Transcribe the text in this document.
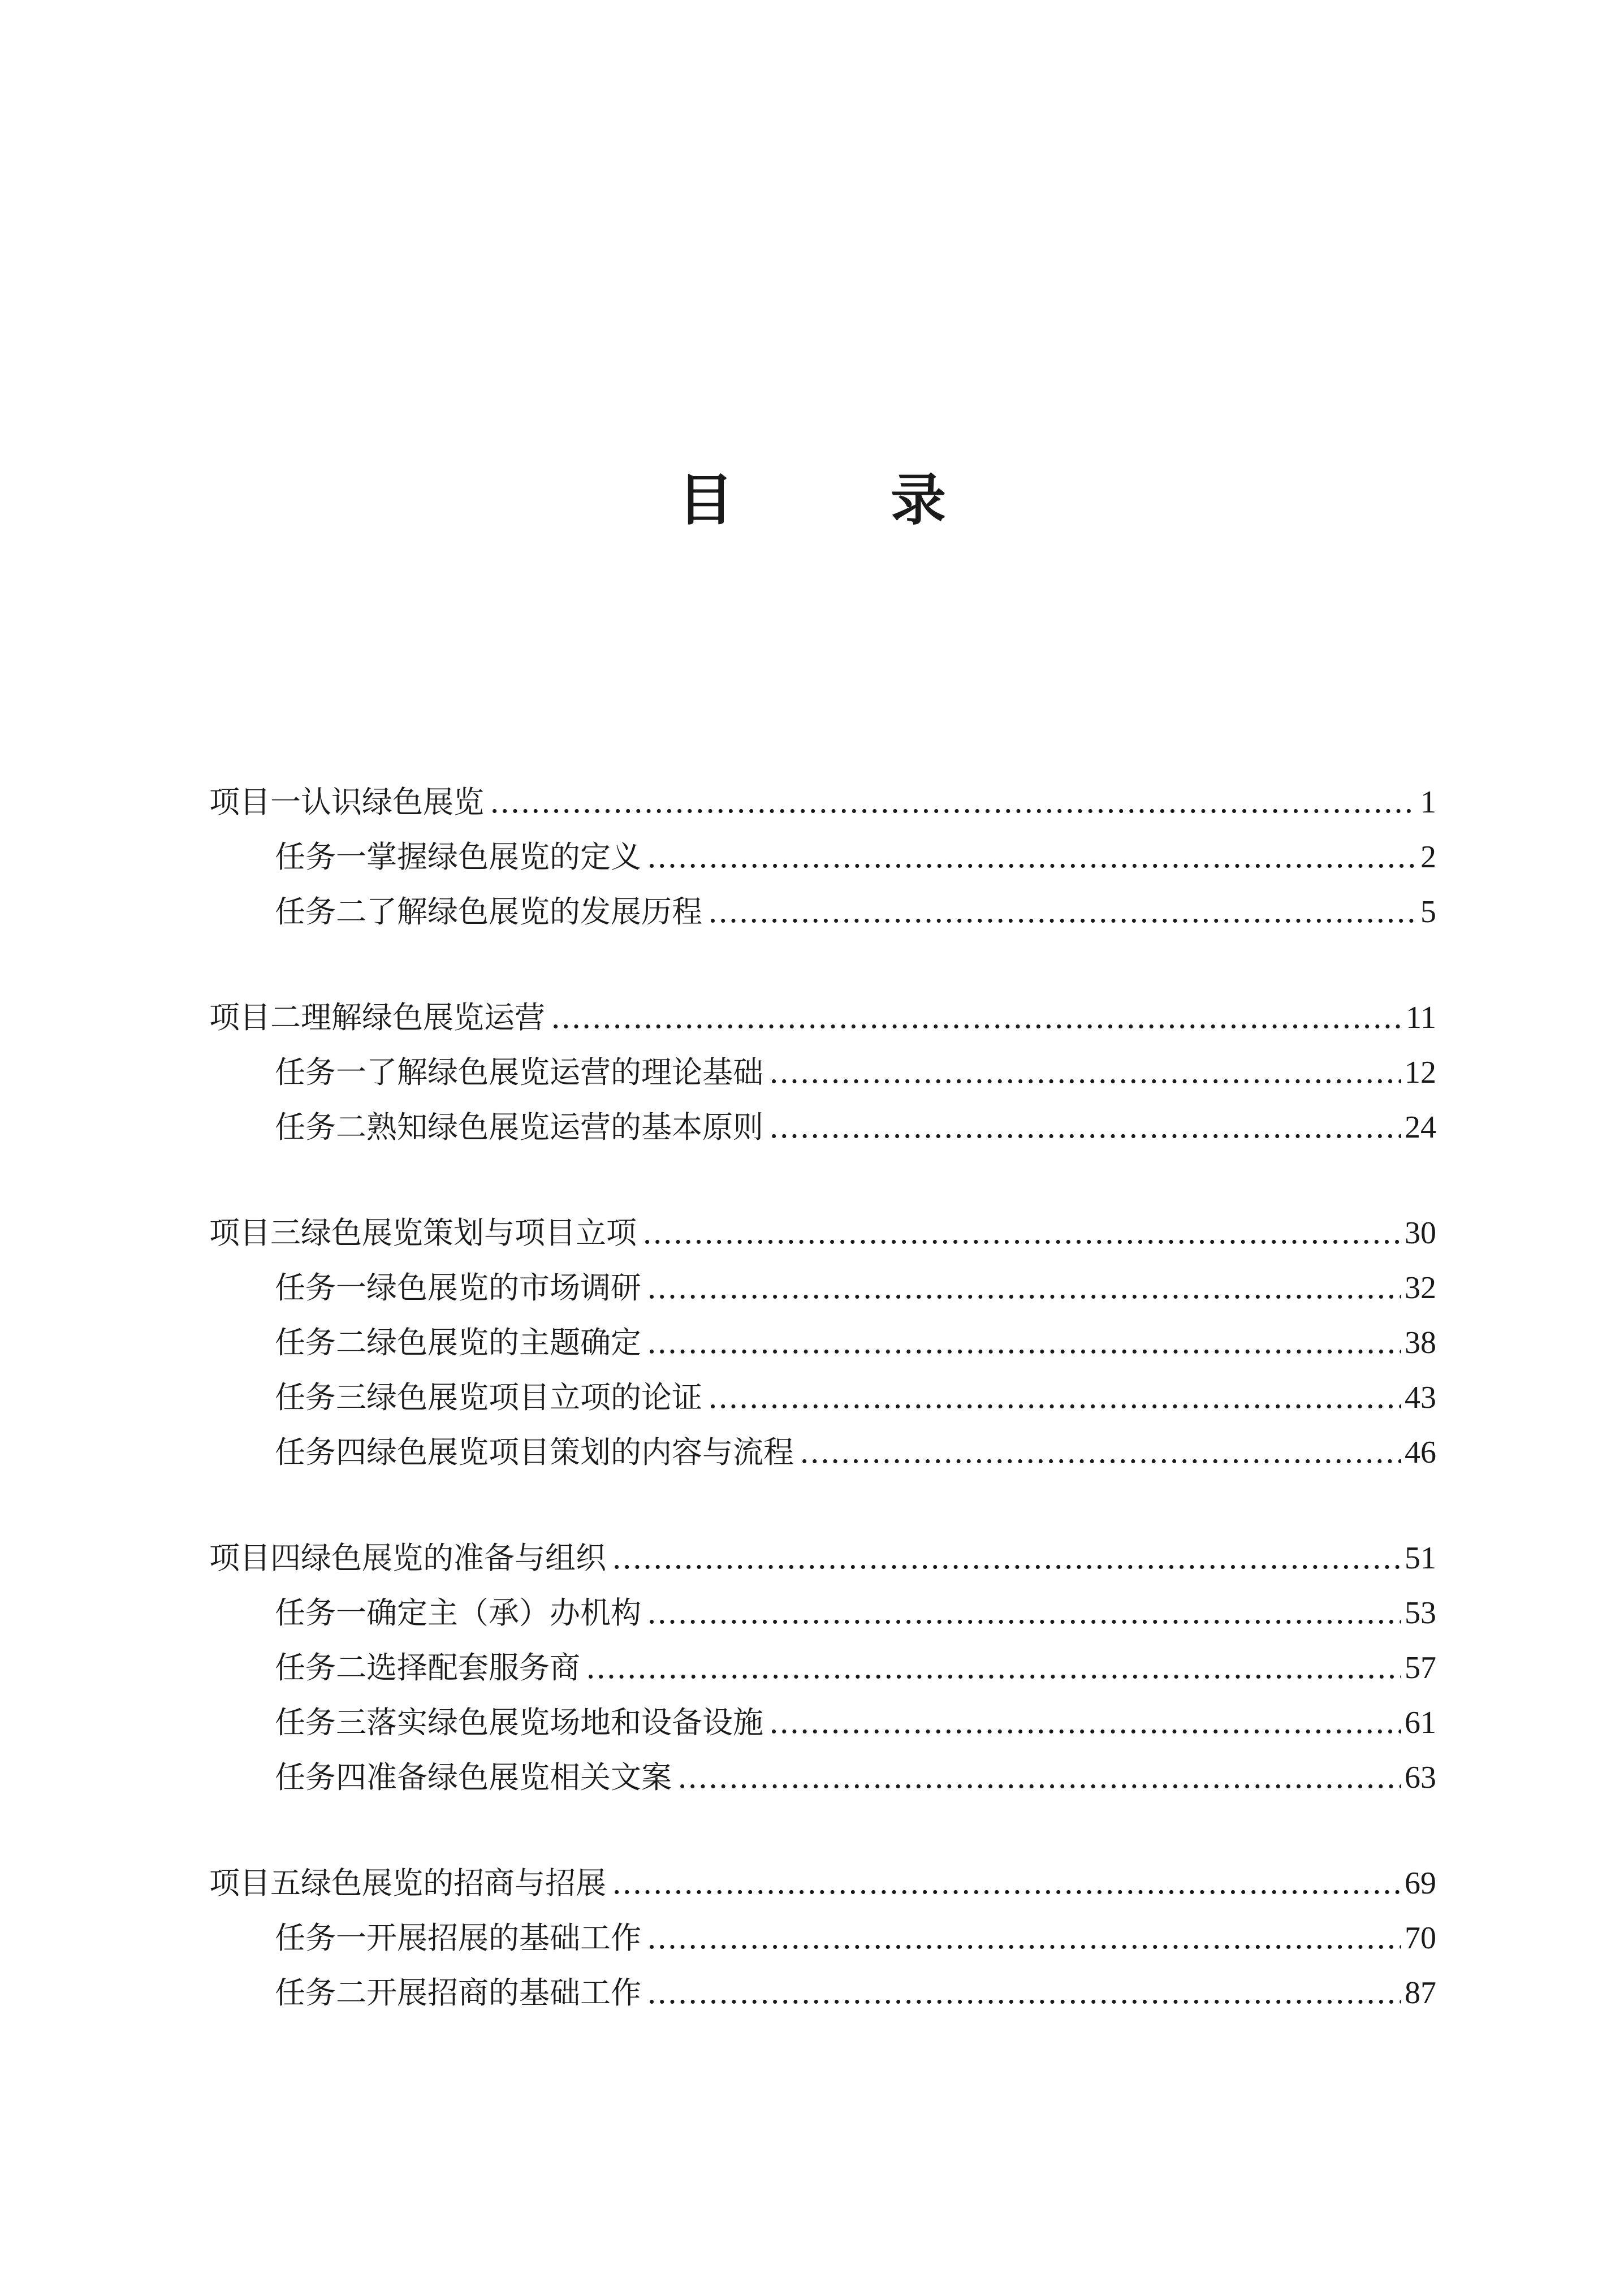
目　录
项目一 认识绿色展览 .....	1
任务一 掌握绿色展览的定义 .....	2
任务二 了解绿色展览的发展历程 .....	5
项目二 理解绿色展览运营 .....	11
任务一 了解绿色展览运营的理论基础 .....	12
任务二 熟知绿色展览运营的基本原则 .....	24
项目三 绿色展览策划与项目立项 .....	30
任务一 绿色展览的市场调研 .....	32
任务二 绿色展览的主题确定 .....	38
任务三 绿色展览项目立项的论证 .....	43
任务四 绿色展览项目策划的内容与流程 .....	46
项目四 绿色展览的准备与组织 .....	51
任务一 确定主（承）办机构 .....	53
任务二 选择配套服务商 .....	57
任务三 落实绿色展览场地和设备设施 .....	61
任务四 准备绿色展览相关文案 .....	63
项目五 绿色展览的招商与招展 .....	69
任务一 开展招展的基础工作 .....	70
任务二 开展招商的基础工作 .....	87
